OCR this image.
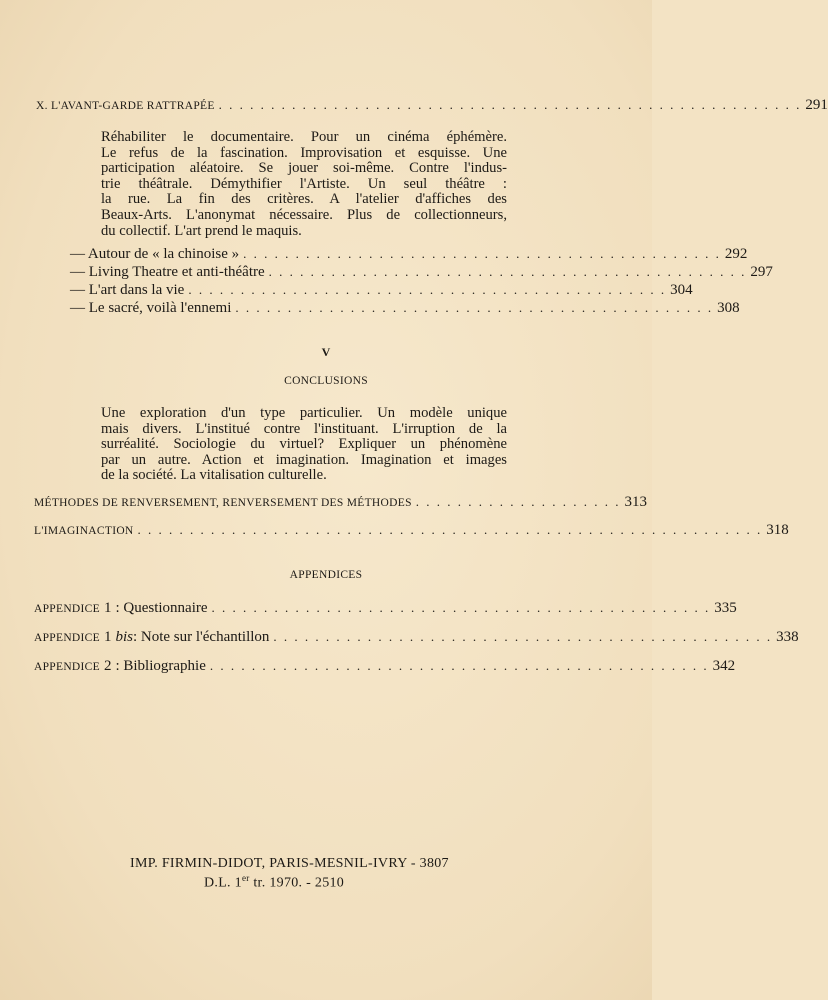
X. L'AVANT-GARDE RATTRAPÉE . . . . . . . . . . . . . . . . . . . . . . . . . . . . . . . . . . . . . . . . . . . . . . . . . . . . . . . . 291
Réhabiliter le documentaire. Pour un cinéma éphémère.
Le refus de la fascination. Improvisation et esquisse. Une
participation aléatoire. Se jouer soi-même. Contre l'indus-
trie théâtrale. Démythifier l'Artiste. Un seul théâtre :
la rue. La fin des critères. A l'atelier d'affiches des
Beaux-Arts. L'anonymat nécessaire. Plus de collectionneurs,
du collectif. L'art prend le maquis.
— Autour de « la chinoise » . . . . . . . . . . . . . . . . . . . . . . . . . . . . . . . . . . . . . . . . . . . . . . 292
— Living Theatre et anti-théâtre . . . . . . . . . . . . . . . . . . . . . . . . . . . . . . . . . . . . . . . . . . . . . . 297
— L'art dans la vie . . . . . . . . . . . . . . . . . . . . . . . . . . . . . . . . . . . . . . . . . . . . . . 304
— Le sacré, voilà l'ennemi . . . . . . . . . . . . . . . . . . . . . . . . . . . . . . . . . . . . . . . . . . . . . . 308
V
CONCLUSIONS
Une exploration d'un type particulier. Un modèle unique
mais divers. L'institué contre l'instituant. L'irruption de la
surréalité. Sociologie du virtuel? Expliquer un phénomène
par un autre. Action et imagination. Imagination et images
de la société. La vitalisation culturelle.
MÉTHODES DE RENVERSEMENT, RENVERSEMENT DES MÉTHODES . . . . . . . . . . . . . . . . . . . . 313
L'IMAGINACTION . . . . . . . . . . . . . . . . . . . . . . . . . . . . . . . . . . . . . . . . . . . . . . . . . . . . . . . . . . . . 318
APPENDICES
APPENDICE 1 : Questionnaire . . . . . . . . . . . . . . . . . . . . . . . . . . . . . . . . . . . . . . . . . . . . . . . . 335
APPENDICE 1 bis: Note sur l'échantillon . . . . . . . . . . . . . . . . . . . . . . . . . . . . . . . . . . . . . . . . . . . . . . . . 338
APPENDICE 2 : Bibliographie . . . . . . . . . . . . . . . . . . . . . . . . . . . . . . . . . . . . . . . . . . . . . . . . 342
IMP. FIRMIN-DIDOT, PARIS-MESNIL-IVRY - 3807
D.L. 1er tr. 1970. - 2510
